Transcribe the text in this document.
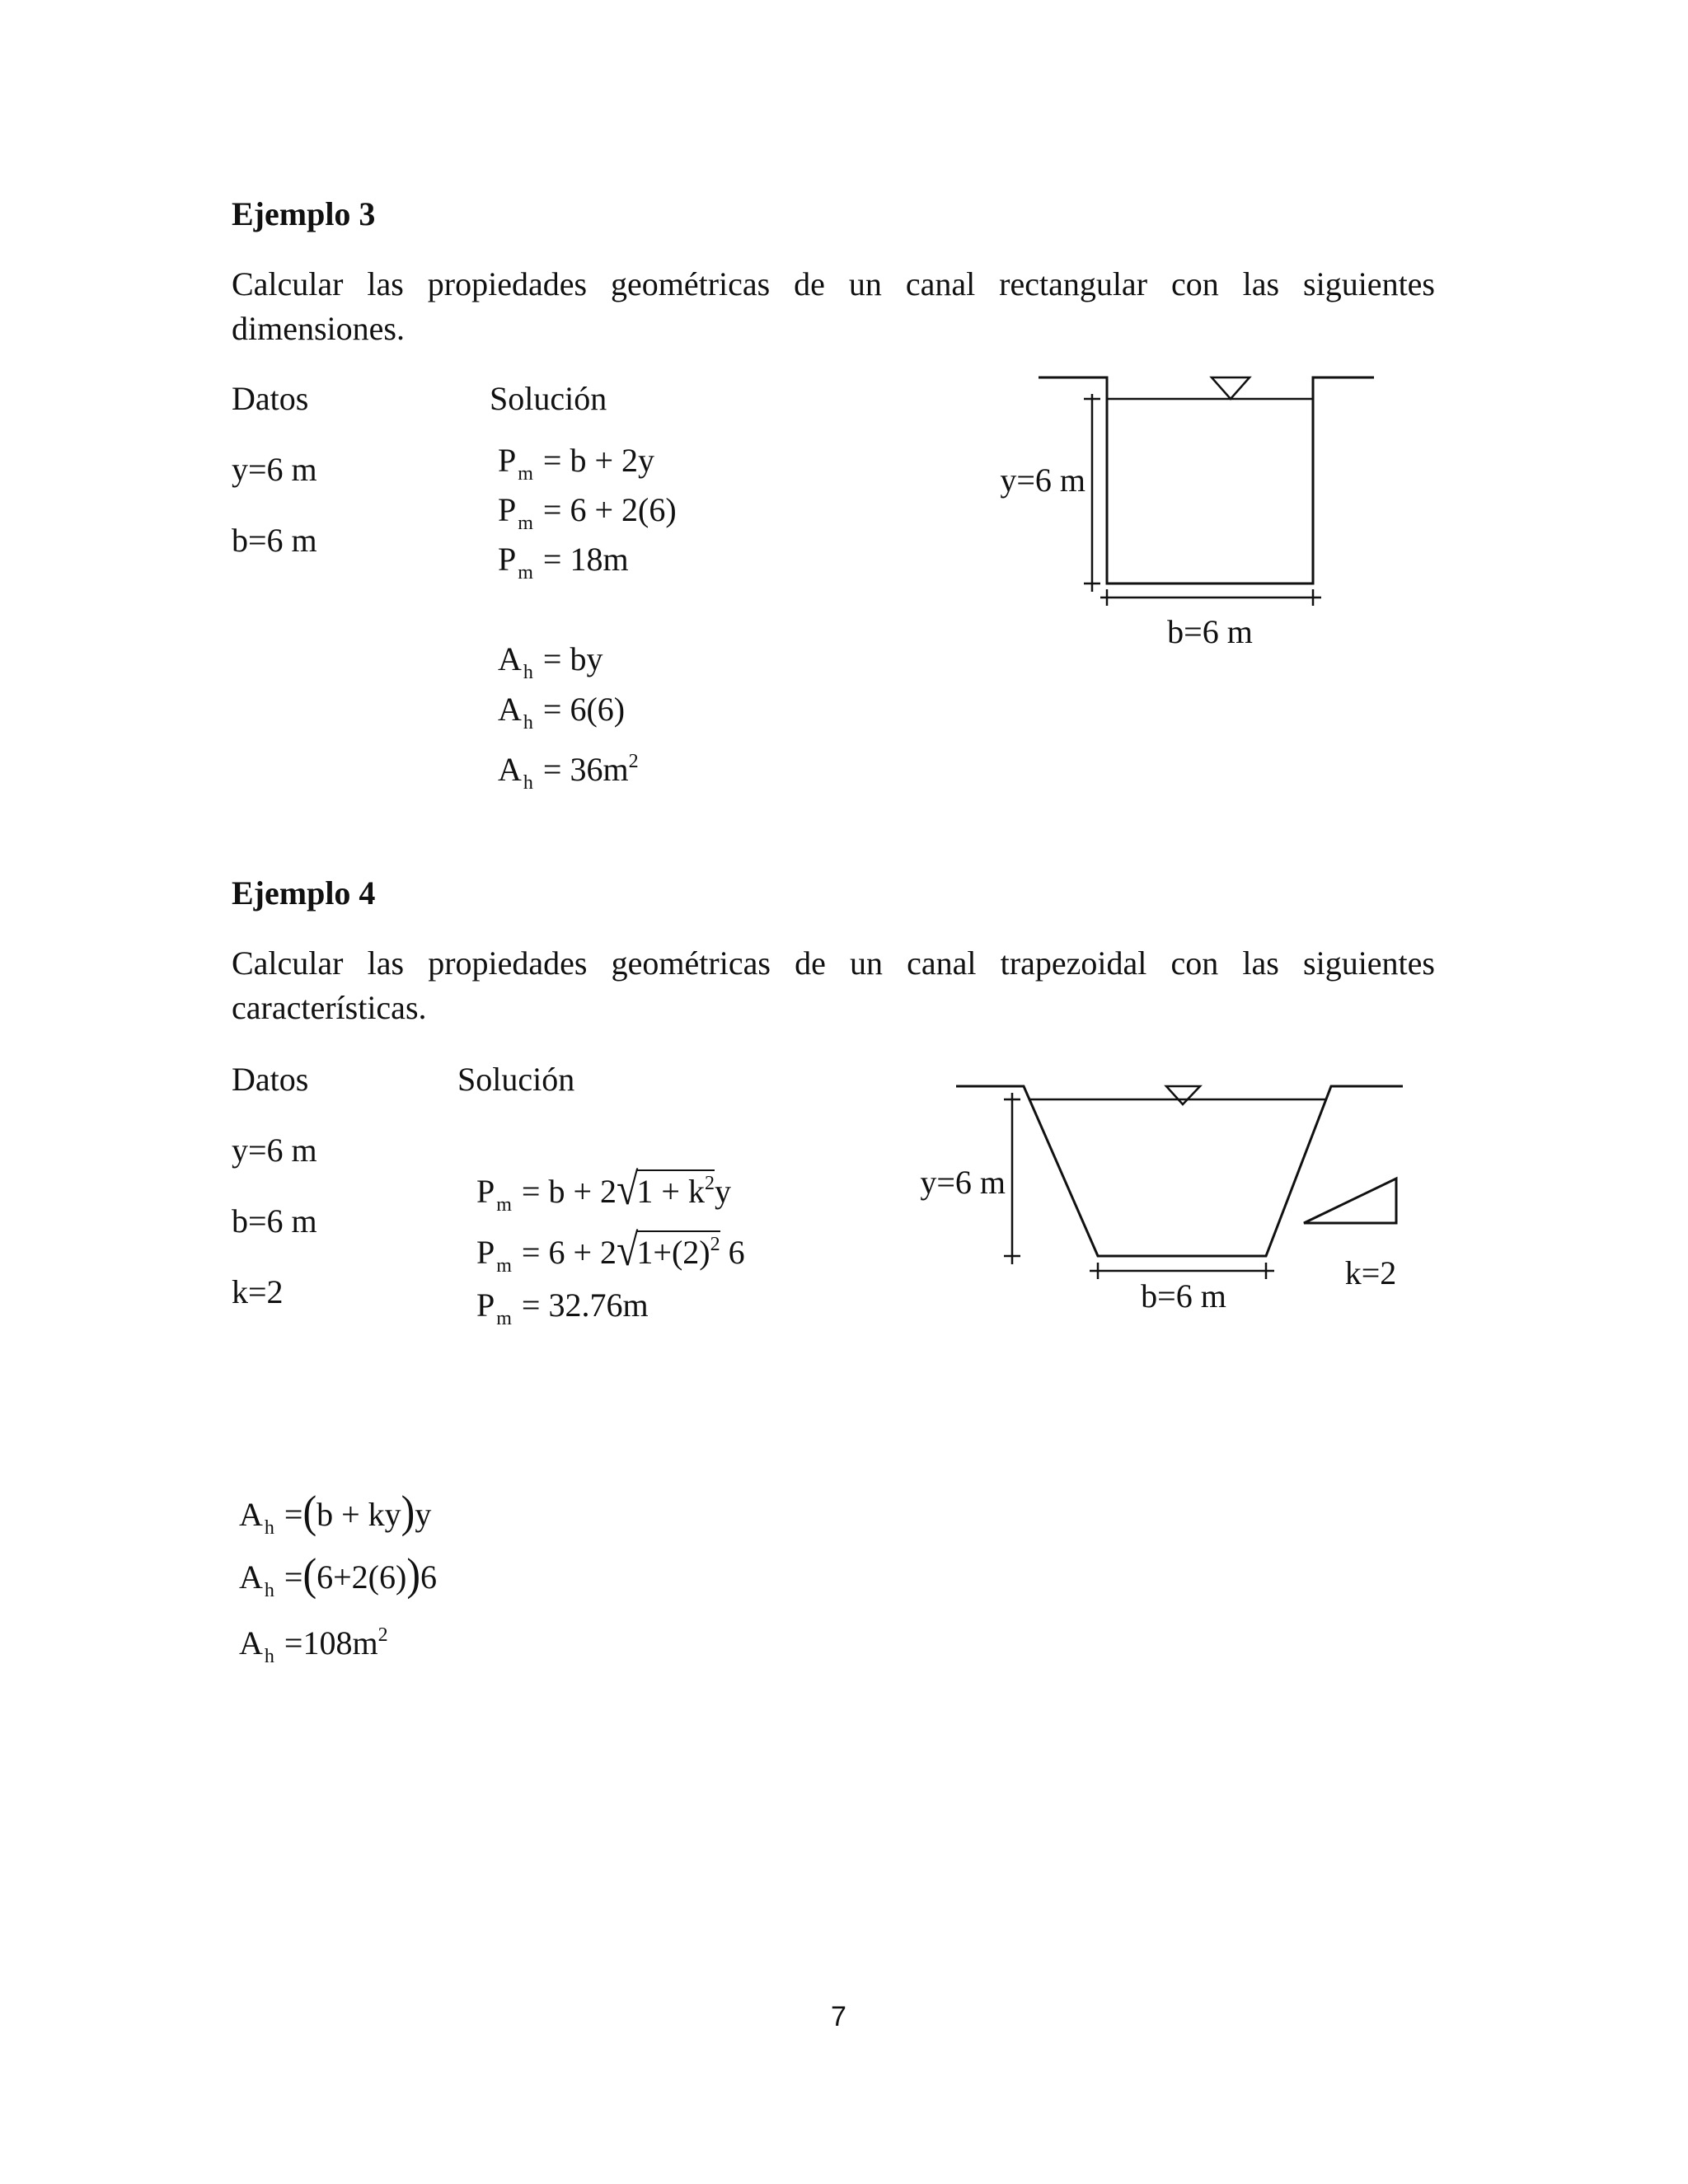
Ejemplo 3
Calcular las propiedades geométricas de un canal rectangular con las siguientes
dimensiones.
Datos	Solución
y=6 m
b=6 m
$P_m = b + 2y$
$P_m = 6 + 2(6)$
$P_m = 18m$
$A_h$ = by
$A_h = 6(6)$
$A_h = 36m^2$
y=6 m
b=6 m
Ejemplo 4
Calcular las propiedades geométricas de un canal trapezoidal con las siguientes
características.
Datos	Solución
y=6 m
b=6 m
k=2
$P_m = b + 2√1 + k^2y$
$P_m = 6 + 2√1+(2)^2$ 6
$P_m = 32.76m$
y=6 m
b=6 m
k=2
$A_h =(b + ky)y$
$A_h =(6+2(6))6$
$A_h =108m^2$
7
